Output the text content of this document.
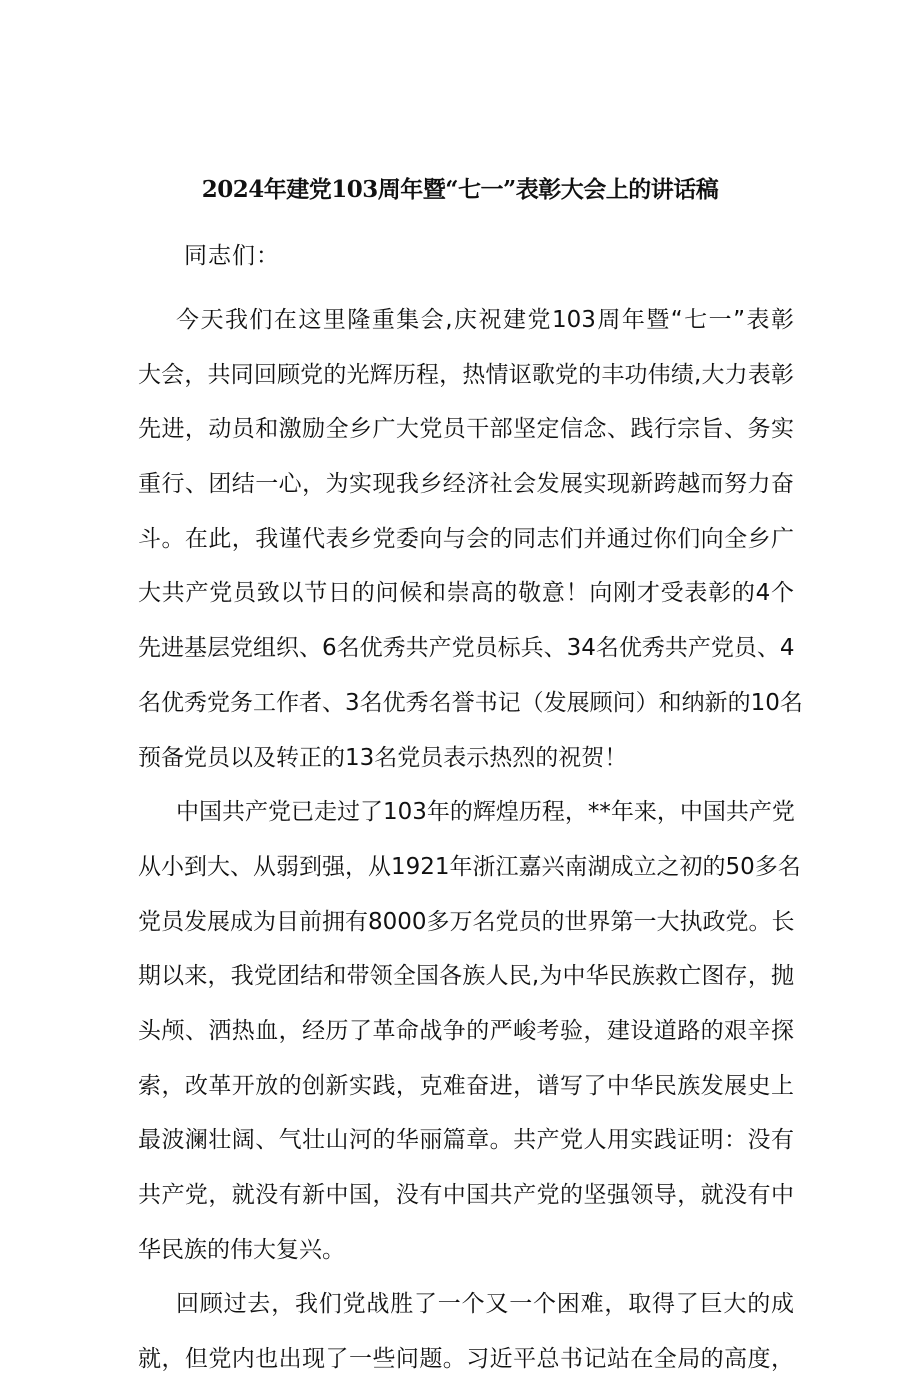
2024年建党103周年暨“七一”表彰大会上的讲话稿
同志们：
今天我们在这里隆重集会,庆祝建党103周年暨“七一”表彰
大会，共同回顾党的光辉历程，热情讴歌党的丰功伟绩,大力表彰
先进，动员和激励全乡广大党员干部坚定信念、践行宗旨、务实
重行、团结一心，为实现我乡经济社会发展实现新跨越而努力奋
斗。在此，我谨代表乡党委向与会的同志们并通过你们向全乡广
大共产党员致以节日的问候和崇高的敬意！向刚才受表彰的4个
先进基层党组织、6名优秀共产党员标兵、34名优秀共产党员、4
名优秀党务工作者、3名优秀名誉书记（发展顾问）和纳新的10名
预备党员以及转正的13名党员表示热烈的祝贺！
中国共产党已走过了103年的辉煌历程，**年来，中国共产党
从小到大、从弱到强，从1921年浙江嘉兴南湖成立之初的50多名
党员发展成为目前拥有8000多万名党员的世界第一大执政党。长
期以来，我党团结和带领全国各族人民,为中华民族救亡图存，抛
头颅、洒热血，经历了革命战争的严峻考验，建设道路的艰辛探
索，改革开放的创新实践，克难奋进，谱写了中华民族发展史上
最波澜壮阔、气壮山河的华丽篇章。共产党人用实践证明：没有
共产党，就没有新中国，没有中国共产党的坚强领导，就没有中
华民族的伟大复兴。
回顾过去，我们党战胜了一个又一个困难，取得了巨大的成
就，但党内也出现了一些问题。习近平总书记站在全局的高度，
